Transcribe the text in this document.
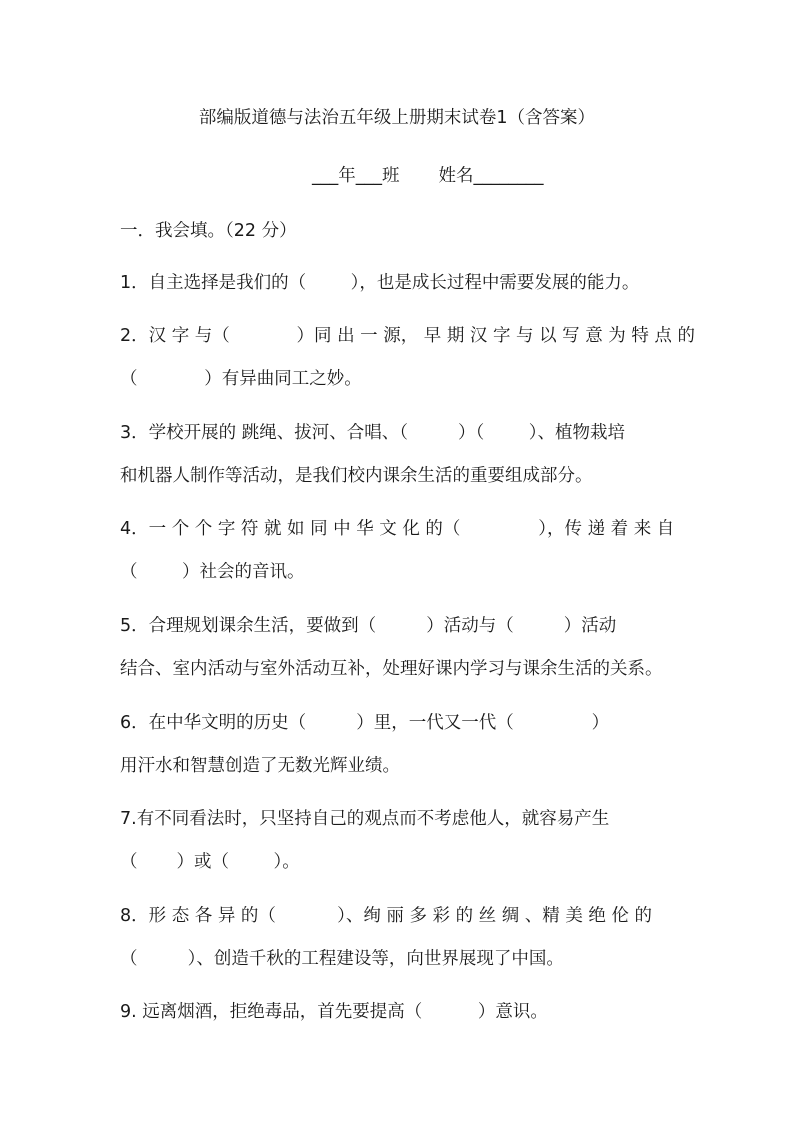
部编版道德与法治五年级上册期末试卷1（含答案）
___年___班       姓名________
一．我会填。（22 分）
1．自主选择是我们的（        ），也是成长过程中需要发展的能力。
2．汉 字 与（            ）同 出 一 源， 早 期 汉 字 与 以 写 意 为 特 点 的
（            ）有异曲同工之妙。
3．学校开展的 跳绳、拔河、合唱、（         ）（        ）、植物栽培
和机器人制作等活动，是我们校内课余生活的重要组成部分。
4．一 个 个 字 符 就 如 同 中 华 文 化 的（              ），传 递 着 来 自
（        ）社会的音讯。
5．合理规划课余生活，要做到（         ）活动与（         ）活动
结合、室内活动与室外活动互补，处理好课内学习与课余生活的关系。
6．在中华文明的历史（         ）里，一代又一代（              ）
用汗水和智慧创造了无数光辉业绩。
7.有不同看法时，只坚持自己的观点而不考虑他人，就容易产生
（       ）或（        ）。
8．形 态 各 异 的（           ）、绚 丽 多 彩 的 丝 绸 、精 美 绝 伦 的
（         ）、创造千秋的工程建设等，向世界展现了中国。
9. 远离烟酒，拒绝毒品，首先要提高（          ）意识。
